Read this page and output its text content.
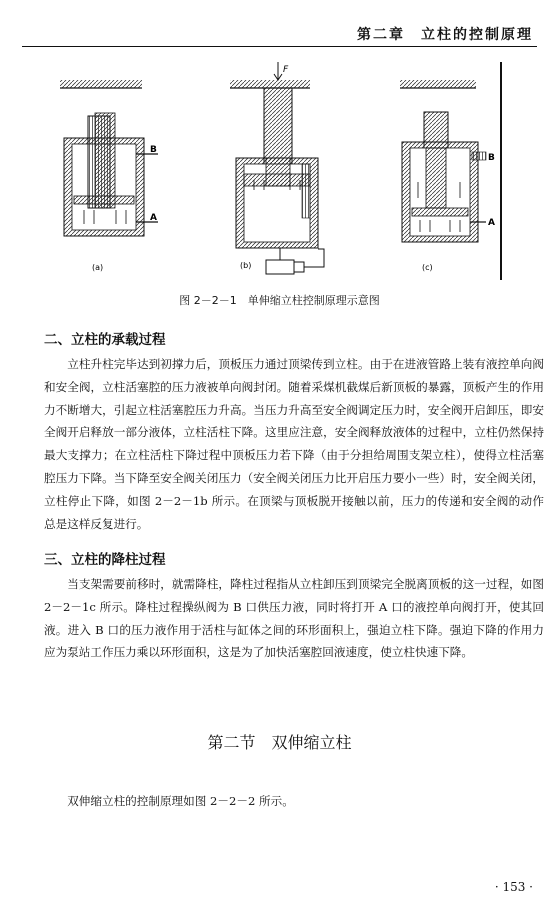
第二章　立柱的控制原理
B
A
(a)
F
(b)
B
A
(c)
图 2－2－1　单伸缩立柱控制原理示意图
二、立柱的承载过程

立柱升柱完毕达到初撑力后，顶板压力通过顶梁传到立柱。由于在进液管路上装有液控单向阀和安全阀，立柱活塞腔的压力液被单向阀封闭。随着采煤机截煤后新顶板的暴露，顶板产生的作用力不断增大，引起立柱活塞腔压力升高。当压力升高至安全阀调定压力时，安全阀开启卸压，即安全阀开启释放一部分液体，立柱活柱下降。这里应注意，安全阀释放液体的过程中，立柱仍然保持最大支撑力；在立柱活柱下降过程中顶板压力若下降（由于分担给周围支架立柱），使得立柱活塞腔压力下降。当下降至安全阀关闭压力（安全阀关闭压力比开启压力要小一些）时，安全阀关闭，立柱停止下降，如图 2－2－1b 所示。在顶梁与顶板脱开接触以前，压力的传递和安全阀的动作总是这样反复进行。

三、立柱的降柱过程

当支架需要前移时，就需降柱，降柱过程指从立柱卸压到顶梁完全脱离顶板的这一过程，如图 2－2－1c 所示。降柱过程操纵阀为 B 口供压力液，同时将打开 A 口的液控单向阀打开，使其回液。进入 B 口的压力液作用于活柱与缸体之间的环形面积上，强迫立柱下降。强迫下降的作用力应为泵站工作压力乘以环形面积，这是为了加快活塞腔回液速度，使立柱快速下降。

第二节　双伸缩立柱

双伸缩立柱的控制原理如图 2－2－2 所示。

· 153 ·
